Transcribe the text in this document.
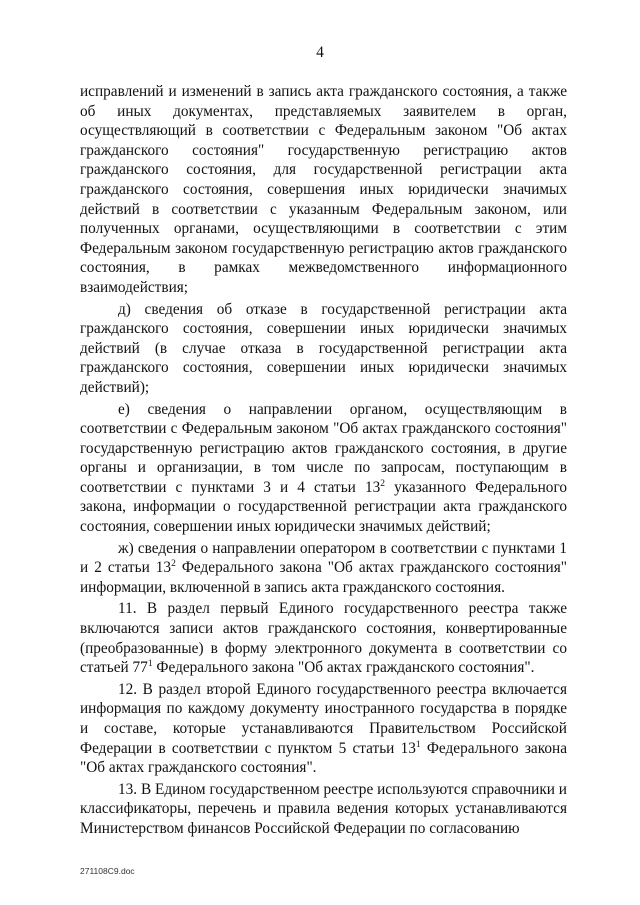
4

исправлений и изменений в запись акта гражданского состояния, а также об иных документах, представляемых заявителем в орган, осуществляющий в соответствии с Федеральным законом "Об актах гражданского состояния" государственную регистрацию актов гражданского состояния, для государственной регистрации акта гражданского состояния, совершения иных юридически значимых действий в соответствии с указанным Федеральным законом, или полученных органами, осуществляющими в соответствии с этим Федеральным законом государственную регистрацию актов гражданского состояния, в рамках межведомственного информационного взаимодействия;

д) сведения об отказе в государственной регистрации акта гражданского состояния, совершении иных юридически значимых действий (в случае отказа в государственной регистрации акта гражданского состояния, совершении иных юридически значимых действий);

е) сведения о направлении органом, осуществляющим в соответствии с Федеральным законом "Об актах гражданского состояния" государственную регистрацию актов гражданского состояния, в другие органы и организации, в том числе по запросам, поступающим в соответствии с пунктами 3 и 4 статьи $13^2$ указанного Федерального закона, информации о государственной регистрации акта гражданского состояния, совершении иных юридически значимых действий;

ж) сведения о направлении оператором в соответствии с пунктами 1 и 2 статьи $13^2$ Федерального закона "Об актах гражданского состояния" информации, включенной в запись акта гражданского состояния.

11. В раздел первый Единого государственного реестра также включаются записи актов гражданского состояния, конвертированные (преобразованные) в форму электронного документа в соответствии со статьей $77^1$ Федерального закона "Об актах гражданского состояния".

12. В раздел второй Единого государственного реестра включается информация по каждому документу иностранного государства в порядке и составе, которые устанавливаются Правительством Российской Федерации в соответствии с пунктом 5 статьи $13^1$ Федерального закона "Об актах гражданского состояния".

13. В Едином государственном реестре используются справочники и классификаторы, перечень и правила ведения которых устанавливаются Министерством финансов Российской Федерации по согласованию

271108C9.doc
